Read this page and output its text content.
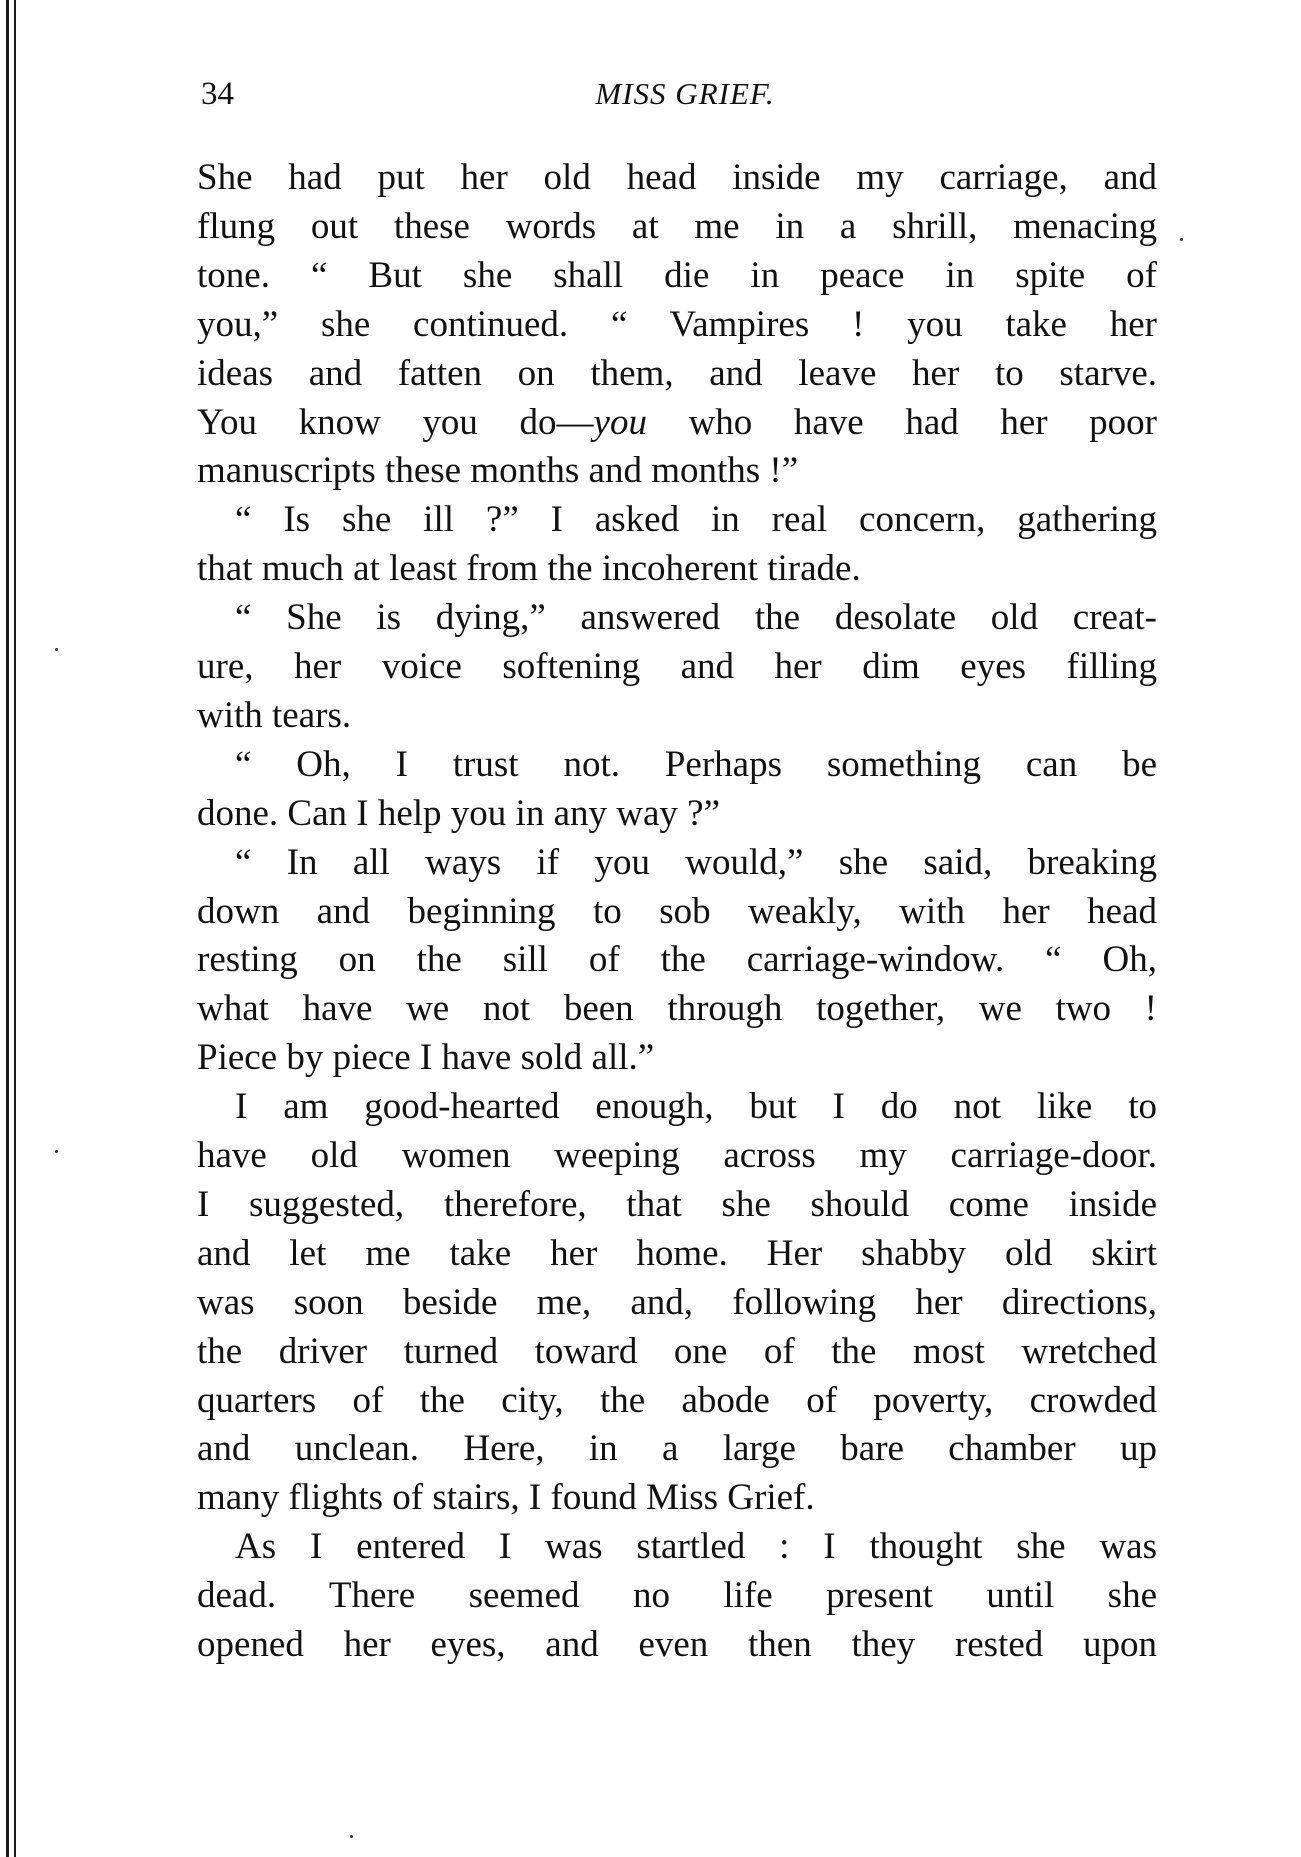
34	MISS GRIEF.
She had put her old head inside my carriage, and
flung out these words at me in a shrill, menacing
tone. “ But she shall die in peace in spite of
you,” she continued. “ Vampires ! you take her
ideas and fatten on them, and leave her to starve.
You know you do—you who have had her poor
manuscripts these months and months !”
“ Is she ill ?” I asked in real concern, gathering
that much at least from the incoherent tirade.
“ She is dying,” answered the desolate old creat-
ure, her voice softening and her dim eyes filling
with tears.
“ Oh, I trust not. Perhaps something can be
done. Can I help you in any way ?”
“ In all ways if you would,” she said, breaking
down and beginning to sob weakly, with her head
resting on the sill of the carriage-window. “ Oh,
what have we not been through together, we two !
Piece by piece I have sold all.”
I am good-hearted enough, but I do not like to
have old women weeping across my carriage-door.
I suggested, therefore, that she should come inside
and let me take her home. Her shabby old skirt
was soon beside me, and, following her directions,
the driver turned toward one of the most wretched
quarters of the city, the abode of poverty, crowded
and unclean. Here, in a large bare chamber up
many flights of stairs, I found Miss Grief.
As I entered I was startled : I thought she was
dead. There seemed no life present until she
opened her eyes, and even then they rested upon
